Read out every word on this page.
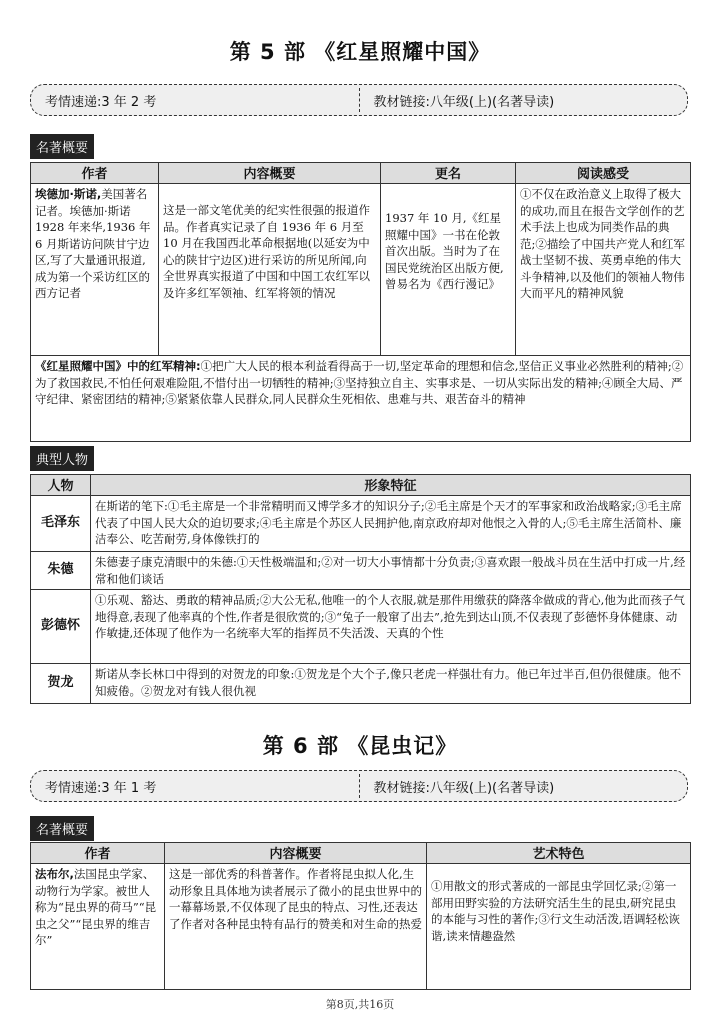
第 5 部 《红星照耀中国》
考情速递:3 年 2 考	教材链接:八年级(上)(名著导读)
名著概要
作者	内容概要	更名	阅读感受
埃德加·斯诺,美国著名记者。埃德加·斯诺 1928 年来华,1936 年 6 月斯诺访问陕甘宁边区,写了大量通讯报道,成为第一个采访红区的西方记者	这是一部文笔优美的纪实性很强的报道作品。作者真实记录了自 1936 年 6 月至 10 月在我国西北革命根据地(以延安为中心的陕甘宁边区)进行采访的所见所闻,向全世界真实报道了中国和中国工农红军以及许多红军领袖、红军将领的情况	1937 年 10 月,《红星照耀中国》一书在伦敦首次出版。当时为了在国民党统治区出版方便,曾易名为《西行漫记》	①不仅在政治意义上取得了极大的成功,而且在报告文学创作的艺术手法上也成为同类作品的典范;②描绘了中国共产党人和红军战士坚韧不拔、英勇卓绝的伟大斗争精神,以及他们的领袖人物伟大而平凡的精神风貌

《红星照耀中国》中的红军精神:①把广大人民的根本利益看得高于一切,坚定革命的理想和信念,坚信正义事业必然胜利的精神;②为了救国救民,不怕任何艰难险阻,不惜付出一切牺牲的精神;③坚持独立自主、实事求是、一切从实际出发的精神;④顾全大局、严守纪律、紧密团结的精神;⑤紧紧依靠人民群众,同人民群众生死相依、患难与共、艰苦奋斗的精神			
典型人物
人物	形象特征
毛泽东	在斯诺的笔下:①毛主席是一个非常精明而又博学多才的知识分子;②毛主席是个天才的军事家和政治战略家;③毛主席代表了中国人民大众的迫切要求;④毛主席是个苏区人民拥护他,南京政府却对他恨之入骨的人;⑤毛主席生活简朴、廉洁奉公、吃苦耐劳,身体像铁打的
朱德	朱德妻子康克清眼中的朱德:①天性极端温和;②对一切大小事情都十分负责;③喜欢跟一般战斗员在生活中打成一片,经常和他们谈话
彭德怀	①乐观、豁达、勇敢的精神品质;②大公无私,他唯一的个人衣服,就是那件用缴获的降落伞做成的背心,他为此而孩子气地得意,表现了他率真的个性,作者是很欣赏的;③“兔子一般窜了出去”,抢先到达山顶,不仅表现了彭德怀身体健康、动作敏捷,还体现了他作为一名统率大军的指挥员不失活泼、天真的个性
贺龙	斯诺从李长林口中得到的对贺龙的印象:①贺龙是个大个子,像只老虎一样强壮有力。他已年过半百,但仍很健康。他不知疲倦。②贺龙对有钱人很仇视
第 6 部 《昆虫记》
考情速递:3 年 1 考	教材链接:八年级(上)(名著导读)
名著概要
作者	内容概要	艺术特色
法布尔,法国昆虫学家、动物行为学家。被世人称为“昆虫界的荷马”“昆虫之父”“昆虫界的维吉尔”	这是一部优秀的科普著作。作者将昆虫拟人化,生动形象且具体地为读者展示了微小的昆虫世界中的一幕幕场景,不仅体现了昆虫的特点、习性,还表达了作者对各种昆虫特有品行的赞美和对生命的热爱	①用散文的形式著成的一部昆虫学回忆录;②第一部用田野实验的方法研究活生生的昆虫,研究昆虫的本能与习性的著作;③行文生动活泼,语调轻松诙谐,读来情趣盎然
第8页,共16页
